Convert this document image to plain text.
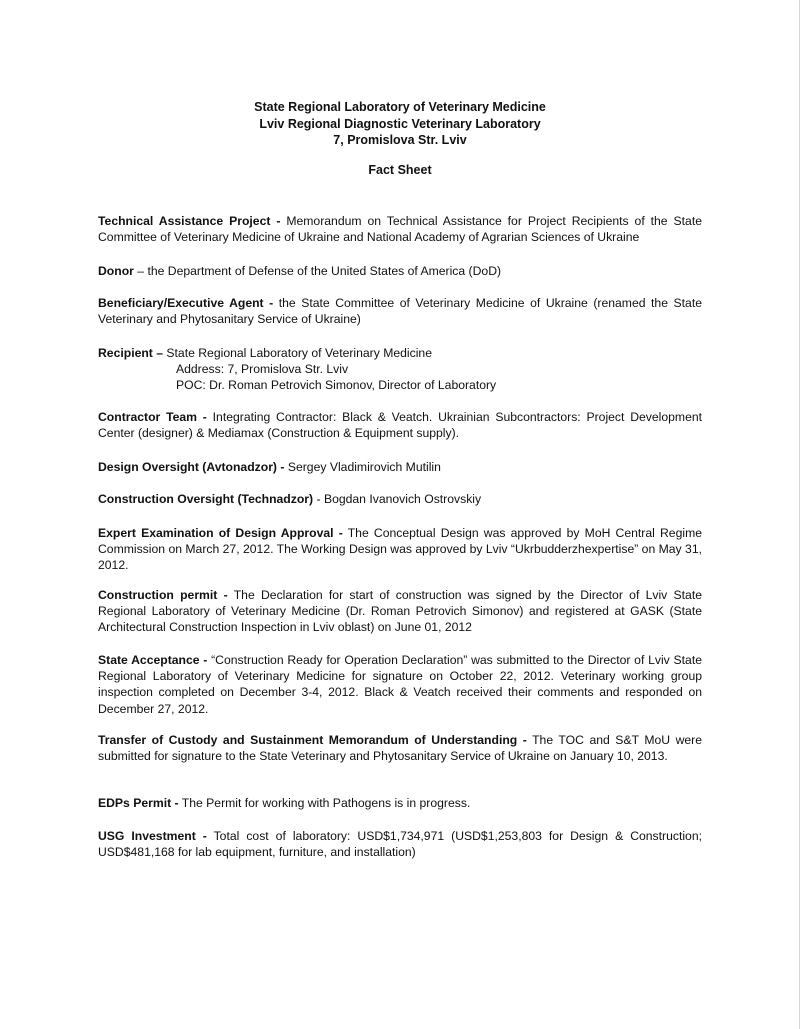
State Regional Laboratory of Veterinary Medicine
Lviv Regional Diagnostic Veterinary Laboratory
7, Promislova Str. Lviv
Fact Sheet
Technical Assistance Project - Memorandum on Technical Assistance for Project Recipients of the State Committee of Veterinary Medicine of Ukraine and National Academy of Agrarian Sciences of Ukraine
Donor – the Department of Defense of the United States of America (DoD)
Beneficiary/Executive Agent - the State Committee of Veterinary Medicine of Ukraine (renamed the State Veterinary and Phytosanitary Service of Ukraine)
Recipient – State Regional Laboratory of Veterinary Medicine
Address: 7, Promislova Str. Lviv
POC: Dr. Roman Petrovich Simonov, Director of Laboratory
Contractor Team - Integrating Contractor: Black & Veatch. Ukrainian Subcontractors: Project Development Center (designer) & Mediamax (Construction & Equipment supply).
Design Oversight (Avtonadzor) - Sergey Vladimirovich Mutilin
Construction Oversight (Technadzor) - Bogdan Ivanovich Ostrovskiy
Expert Examination of Design Approval - The Conceptual Design was approved by MoH Central Regime Commission on March 27, 2012. The Working Design was approved by Lviv “Ukrbudderzhexpertise” on May 31, 2012.
Construction permit - The Declaration for start of construction was signed by the Director of Lviv State Regional Laboratory of Veterinary Medicine (Dr. Roman Petrovich Simonov) and registered at GASK (State Architectural Construction Inspection in Lviv oblast) on June 01, 2012
State Acceptance - “Construction Ready for Operation Declaration” was submitted to the Director of Lviv State Regional Laboratory of Veterinary Medicine for signature on October 22, 2012. Veterinary working group inspection completed on December 3-4, 2012. Black & Veatch received their comments and responded on December 27, 2012.
Transfer of Custody and Sustainment Memorandum of Understanding - The TOC and S&T MoU were submitted for signature to the State Veterinary and Phytosanitary Service of Ukraine on January 10, 2013.
EDPs Permit - The Permit for working with Pathogens is in progress.
USG Investment - Total cost of laboratory: USD$1,734,971 (USD$1,253,803 for Design & Construction; USD$481,168 for lab equipment, furniture, and installation)
